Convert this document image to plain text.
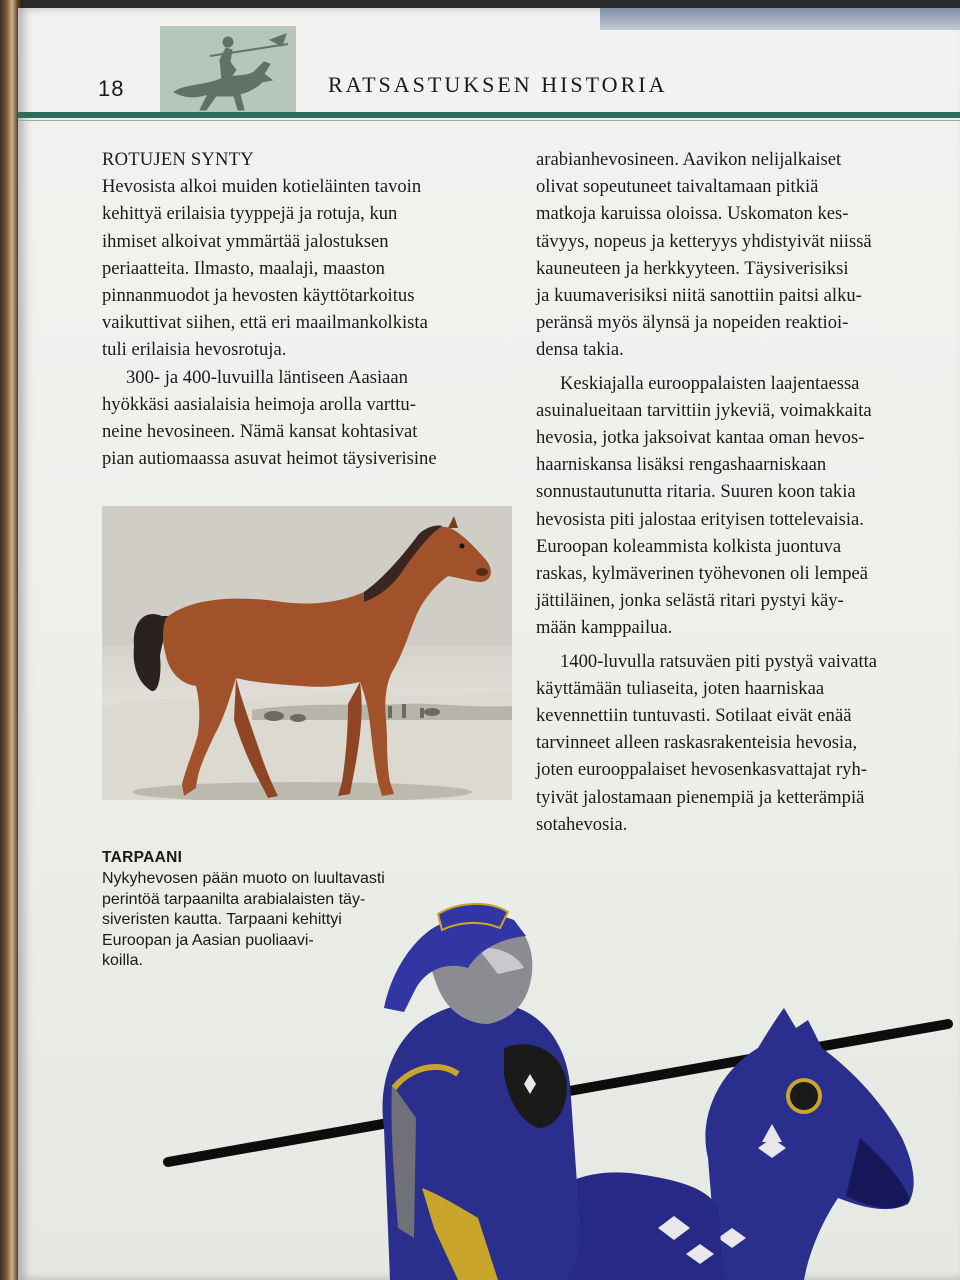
18	RATSASTUKSEN HISTORIA

ROTUJEN SYNTY

Hevosista alkoi muiden kotieläinten tavoin
kehittyä erilaisia tyyppejä ja rotuja, kun
ihmiset alkoivat ymmärtää jalostuksen
periaatteita. Ilmasto, maalaji, maaston
pinnanmuodot ja hevosten käyttötarkoitus
vaikuttivat siihen, että eri maailmankolkista
tuli erilaisia hevosrotuja.

300- ja 400-luvuilla läntiseen Aasiaan
hyökkäsi aasialaisia heimoja arolla varttu-
neine hevosineen. Nämä kansat kohtasivat
pian autiomaassa asuvat heimot täysiverisine

arabianhevosineen. Aavikon nelijalkaiset
olivat sopeutuneet taivaltamaan pitkiä
matkoja karuissa oloissa. Uskomaton kes-
tävyys, nopeus ja ketteryys yhdistyivät niissä
kauneuteen ja herkkyyteen. Täysiverisiksi
ja kuumaverisiksi niitä sanottiin paitsi alku-
peränsä myös älynsä ja nopeiden reaktioi-
densa takia.

Keskiajalla eurooppalaisten laajentaessa
asuinalueitaan tarvittiin jykeviä, voimakkaita
hevosia, jotka jaksoivat kantaa oman hevos-
haarniskansa lisäksi rengashaarniskaan
sonnustautunutta ritaria. Suuren koon takia
hevosista piti jalostaa erityisen tottelevaisia.
Euroopan koleammista kolkista juontuva
raskas, kylmäverinen työhevonen oli lempeä
jättiläinen, jonka selästä ritari pystyi käy-
mään kamppailua.

1400-luvulla ratsuväen piti pystyä vaivatta
käyttämään tuliaseita, joten haarniskaa
kevennettiin tuntuvasti. Sotilaat eivät enää
tarvinneet alleen raskasrakenteisia hevosia,
joten eurooppalaiset hevosenkasvattajat ryh-
tyivät jalostamaan pienempiä ja ketterämpiä
sotahevosia.

TARPAANI
Nykyhevosen pään muoto on luultavasti
perintöä tarpaanilta arabialaisten täy-
siveristen kautta. Tarpaani kehittyi
Euroopan ja Aasian puoliaavi-
koilla.
